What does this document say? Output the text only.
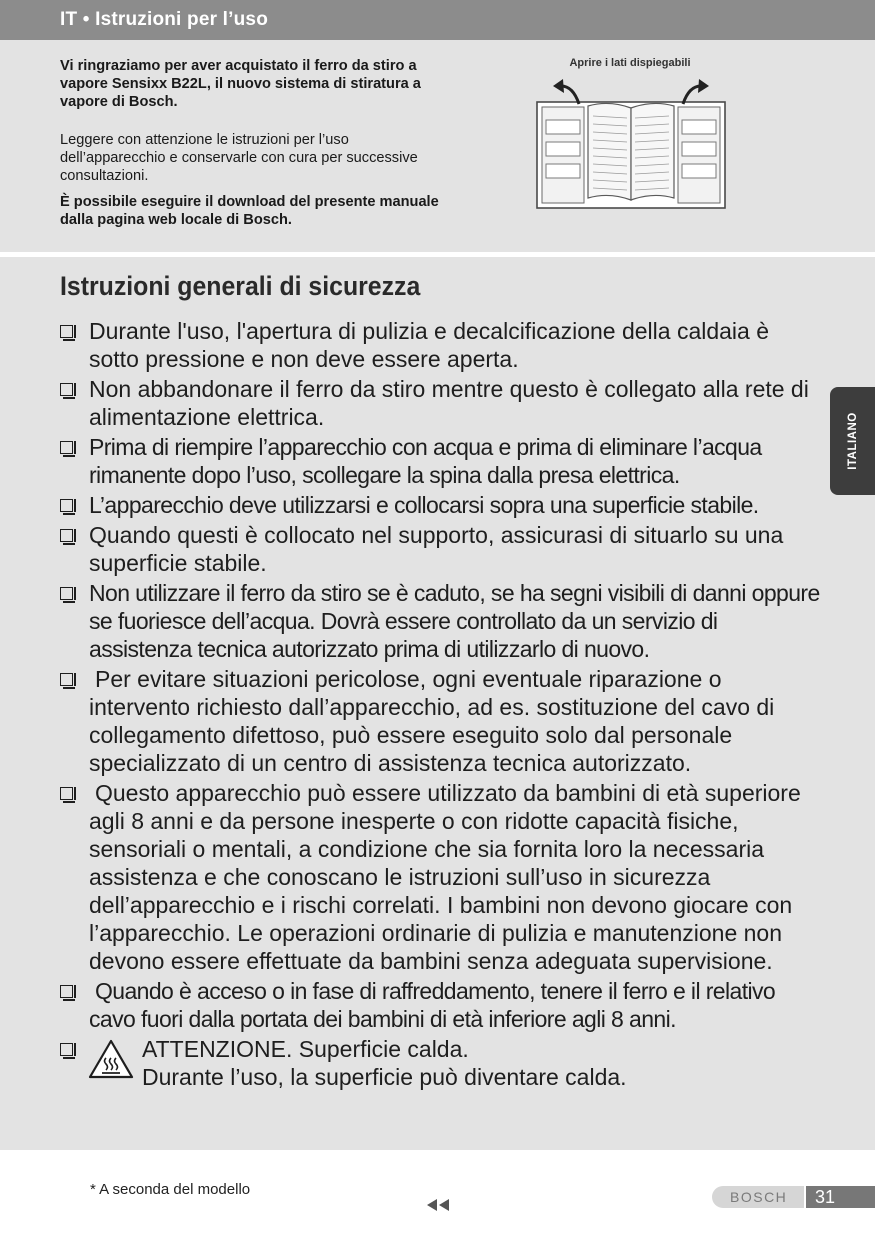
IT • Istruzioni per l’uso

Vi ringraziamo per aver acquistato il ferro da stiro a vapore Sensixx B22L, il nuovo sistema di stiratura a vapore di Bosch.

Leggere con attenzione le istruzioni per l’uso dell’apparecchio e conservarle con cura per successive consultazioni.

È possibile eseguire il download del presente manuale dalla pagina web locale di Bosch.

Aprire i lati dispiegabili
Istruzioni generali di sicurezza
Durante l'uso, l'apertura di pulizia e decalcificazione della caldaia è sotto pressione e non deve essere aperta.
Non abbandonare il ferro da stiro mentre questo è collegato alla rete di alimentazione elettrica.
Prima di riempire l’apparecchio con acqua e prima di eliminare l’acqua rimanente dopo l’uso, scollegare la spina dalla presa elettrica.
L’apparecchio deve utilizzarsi e collocarsi sopra una superficie stabile.
Quando questi è collocato nel supporto, assicurasi di situarlo su una superficie stabile.
Non utilizzare il ferro da stiro se è caduto, se ha segni visibili di danni oppure se fuoriesce dell’acqua. Dovrà essere controllato da un servizio di assistenza tecnica autorizzato prima di utilizzarlo di nuovo.
Per evitare situazioni pericolose, ogni eventuale riparazione o intervento richiesto dall’apparecchio, ad es. sostituzione del cavo di collegamento difettoso, può essere eseguito solo dal personale specializzato di un centro di assistenza tecnica autorizzato.
Questo apparecchio può essere utilizzato da bambini di età superiore agli 8 anni e da persone inesperte o con ridotte capacità fisiche, sensoriali o mentali, a condizione che sia fornita loro la necessaria assistenza e che conoscano le istruzioni sull’uso in sicurezza dell’apparecchio e i rischi correlati. I bambini non devono giocare con l’apparecchio. Le operazioni ordinarie di pulizia e manutenzione non devono essere effettuate da bambini senza adeguata supervisione.
Quando è acceso o in fase di raffreddamento, tenere il ferro e il relativo cavo fuori dalla portata dei bambini di età inferiore agli 8 anni.
ATTENZIONE. Superficie calda.
Durante l’uso, la superficie può diventare calda.
ITALIANO
* A seconda del modello	BOSCH 31
